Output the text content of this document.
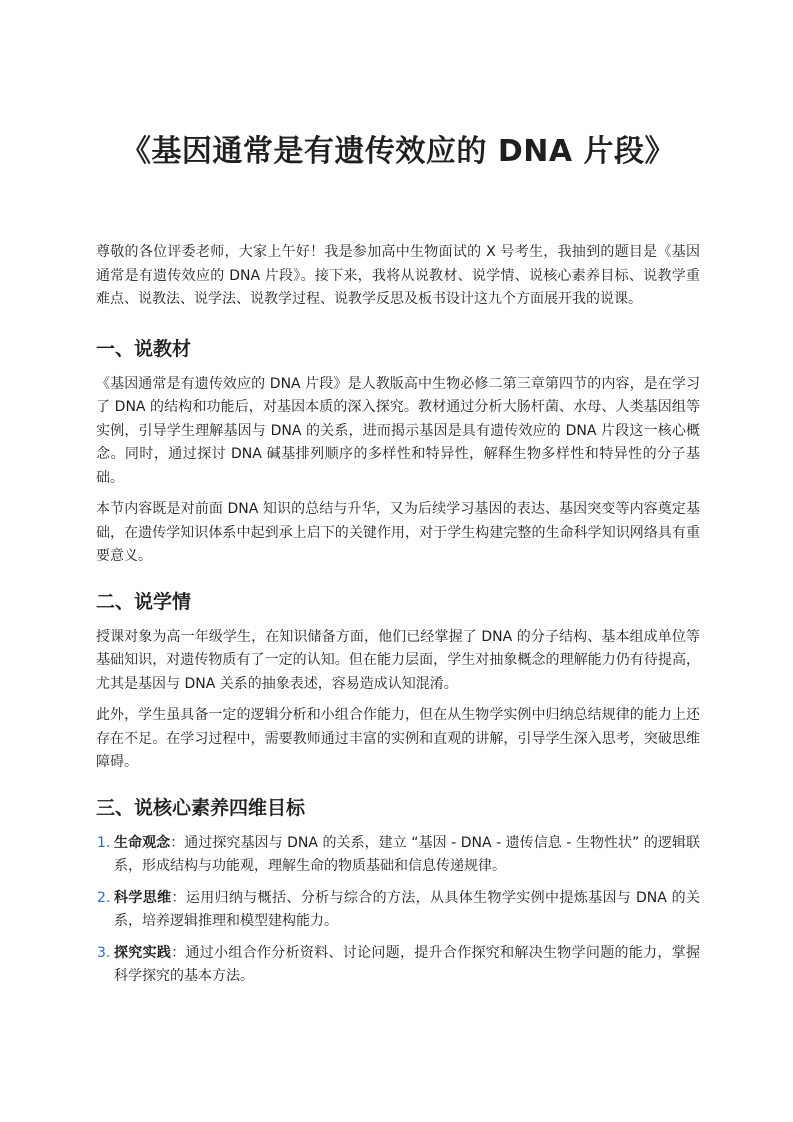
《基因通常是有遗传效应的 DNA 片段》

尊敬的各位评委老师，大家上午好！我是参加高中生物面试的 X 号考生，我抽到的题目是《基因通常是有遗传效应的 DNA 片段》。接下来，我将从说教材、说学情、说核心素养目标、说教学重难点、说教法、说学法、说教学过程、说教学反思及板书设计这九个方面展开我的说课。

一、说教材

《基因通常是有遗传效应的 DNA 片段》是人教版高中生物必修二第三章第四节的内容，是在学习了 DNA 的结构和功能后，对基因本质的深入探究。教材通过分析大肠杆菌、水母、人类基因组等实例，引导学生理解基因与 DNA 的关系，进而揭示基因是具有遗传效应的 DNA 片段这一核心概念。同时，通过探讨 DNA 碱基排列顺序的多样性和特异性，解释生物多样性和特异性的分子基础。

本节内容既是对前面 DNA 知识的总结与升华，又为后续学习基因的表达、基因突变等内容奠定基础，在遗传学知识体系中起到承上启下的关键作用，对于学生构建完整的生命科学知识网络具有重要意义。

二、说学情

授课对象为高一年级学生，在知识储备方面，他们已经掌握了 DNA 的分子结构、基本组成单位等基础知识，对遗传物质有了一定的认知。但在能力层面，学生对抽象概念的理解能力仍有待提高，尤其是基因与 DNA 关系的抽象表述，容易造成认知混淆。

此外，学生虽具备一定的逻辑分析和小组合作能力，但在从生物学实例中归纳总结规律的能力上还存在不足。在学习过程中，需要教师通过丰富的实例和直观的讲解，引导学生深入思考，突破思维障碍。

三、说核心素养四维目标
1. 生命观念：通过探究基因与 DNA 的关系，建立 “基因 - DNA - 遗传信息 - 生物性状” 的逻辑联系，形成结构与功能观，理解生命的物质基础和信息传递规律。
2. 科学思维：运用归纳与概括、分析与综合的方法，从具体生物学实例中提炼基因与 DNA 的关系，培养逻辑推理和模型建构能力。
3. 探究实践：通过小组合作分析资料、讨论问题，提升合作探究和解决生物学问题的能力，掌握科学探究的基本方法。
